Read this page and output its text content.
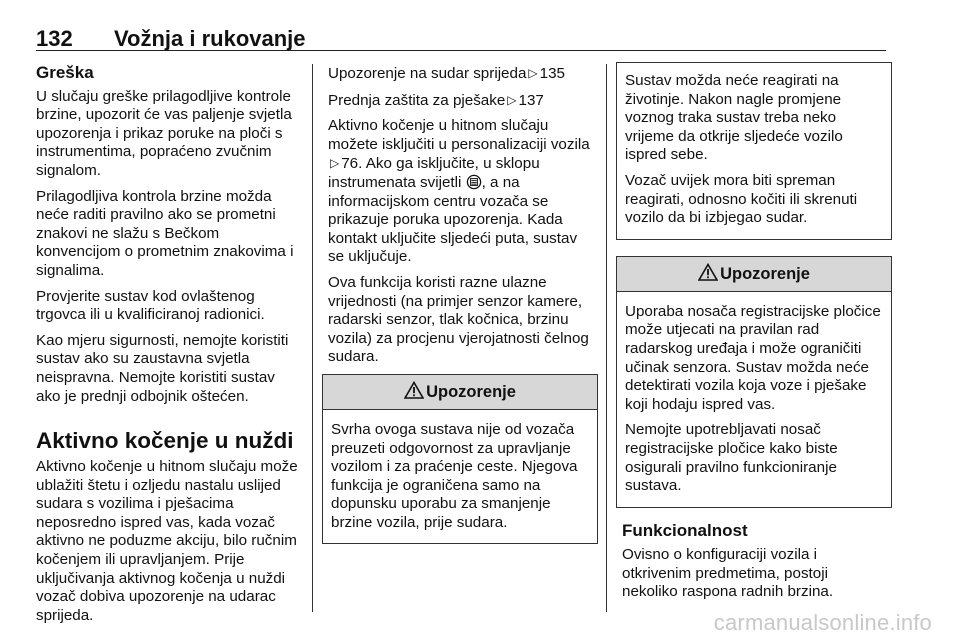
132 Vožnja i rukovanje
Greška

U slučaju greške prilagodljive kontrole brzine, upozorit će vas paljenje svjetla upozorenja i prikaz poruke na ploči s instrumentima, popraćeno zvučnim signalom.

Prilagodljiva kontrola brzine možda neće raditi pravilno ako se prometni znakovi ne slažu s Bečkom konvencijom o prometnim znakovima i signalima.

Provjerite sustav kod ovlaštenog trgovca ili u kvalificiranoj radionici.

Kao mjeru sigurnosti, nemojte koristiti sustav ako su zaustavna svjetla neispravna. Nemojte koristiti sustav ako je prednji odbojnik oštećen.

Aktivno kočenje u nuždi

Aktivno kočenje u hitnom slučaju može ublažiti štetu i ozljedu nastalu uslijed sudara s vozilima i pješacima neposredno ispred vas, kada vozač aktivno ne poduzme akciju, bilo ručnim kočenjem ili upravljanjem. Prije uključivanja aktivnog kočenja u nuždi vozač dobiva upozorenje na udarac sprijeda.

Upozorenje na sudar sprijeda ▷ 135

Prednja zaštita za pješake ▷ 137

Aktivno kočenje u hitnom slučaju možete isključiti u personalizaciji vozila▷ 76. Ako ga isključite, u sklopu instrumenata svijetli , a na informacijskom centru vozača se prikazuje poruka upozorenja. Kada kontakt uključite sljedeći puta, sustav se uključuje.

Ova funkcija koristi razne ulazne vrijednosti (na primjer senzor kamere, radarski senzor, tlak kočnica, brzinu vozila) za procjenu vjerojatnosti čelnog sudara.

Upozorenje

Svrha ovoga sustava nije od vozača preuzeti odgovornost za upravljanje vozilom i za praćenje ceste. Njegova funkcija je ograničena samo na dopunsku uporabu za smanjenje brzine vozila, prije sudara.

Sustav možda neće reagirati na životinje. Nakon nagle promjene voznog traka sustav treba neko vrijeme da otkrije sljedeće vozilo ispred sebe.

Vozač uvijek mora biti spreman reagirati, odnosno kočiti ili skrenuti vozilo da bi izbjegao sudar.

Upozorenje

Uporaba nosača registracijske pločice može utjecati na pravilan rad radarskog uređaja i može ograničiti učinak senzora. Sustav možda neće detektirati vozila koja voze i pješake koji hodaju ispred vas.

Nemojte upotrebljavati nosač registracijske pločice kako biste osigurali pravilno funkcioniranje sustava.

Funkcionalnost

Ovisno o konfiguraciji vozila i otkrivenim predmetima, postoji nekoliko raspona radnih brzina.

carmanualsonline.info
